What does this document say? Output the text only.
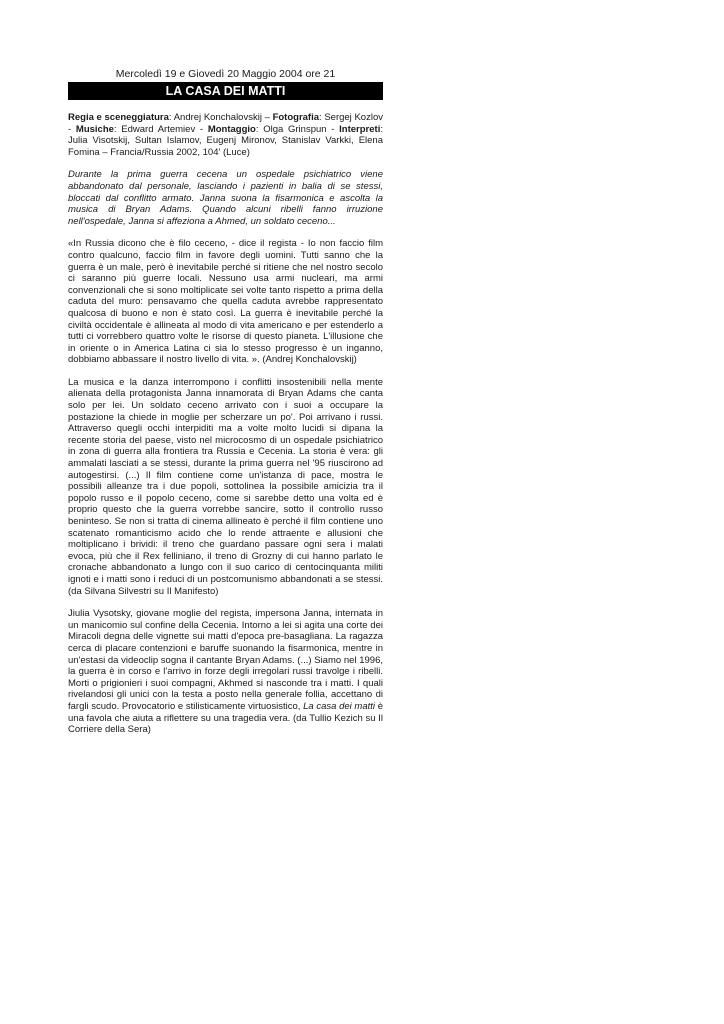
Mercoledì 19 e Giovedì 20 Maggio 2004 ore 21

LA CASA DEI MATTI

Regia e sceneggiatura: Andrej Konchalovskij – Fotografia: Sergej Kozlov - Musiche: Edward Artemiev - Montaggio: Olga Grinspun - Interpreti: Julia Visotskij, Sultan Islamov, Eugenj Mironov, Stanislav Varkki, Elena Fomina – Francia/Russia 2002, 104' (Luce)

Durante la prima guerra cecena un ospedale psichiatrico viene abbandonato dal personale, lasciando i pazienti in balia di se stessi, bloccati dal conflitto armato. Janna suona la fisarmonica e ascolta la musica di Bryan Adams. Quando alcuni ribelli fanno irruzione nell'ospedale, Janna si affeziona a Ahmed, un soldato ceceno...

«In Russia dicono che è filo ceceno, - dice il regista - Io non faccio film contro qualcuno, faccio film in favore degli uomini. Tutti sanno che la guerra è un male, però è inevitabile perché si ritiene che nel nostro secolo ci saranno più guerre locali. Nessuno usa armi nucleari, ma armi convenzionali che si sono moltiplicate sei volte tanto rispetto a prima della caduta del muro: pensavamo che quella caduta avrebbe rappresentato qualcosa di buono e non è stato così. La guerra è inevitabile perché la civiltà occidentale è allineata al modo di vita americano e per estenderlo a tutti ci vorrebbero quattro volte le risorse di questo pianeta. L'illusione che in oriente o in America Latina ci sia lo stesso progresso è un inganno, dobbiamo abbassare il nostro livello di vita. ». (Andrej Konchalovskij)

La musica e la danza interrompono i conflitti insostenibili nella mente alienata della protagonista Janna innamorata di Bryan Adams che canta solo per lei. Un soldato ceceno arrivato con i suoi a occupare la postazione la chiede in moglie per scherzare un po'. Poi arrivano i russi. Attraverso quegli occhi interpiditi ma a volte molto lucidi si dipana la recente storia del paese, visto nel microcosmo di un ospedale psichiatrico in zona di guerra alla frontiera tra Russia e Cecenia. La storia è vera: gli ammalati lasciati a se stessi, durante la prima guerra nel '95 riuscirono ad autogestirsi. (...) Il film contiene come un'istanza di pace, mostra le possibili alleanze tra i due popoli, sottolinea la possibile amicizia tra il popolo russo e il popolo ceceno, come si sarebbe detto una volta ed è proprio questo che la guerra vorrebbe sancire, sotto il controllo russo beninteso. Se non si tratta di cinema allineato è perché il film contiene uno scatenato romanticismo acido che lo rende attraente e allusioni che moltiplicano i brividi: il treno che guardano passare ogni sera i malati evoca, più che il Rex felliniano, il treno di Grozny di cui hanno parlato le cronache abbandonato a lungo con il suo carico di centocinquanta militi ignoti e i matti sono i reduci di un postcomunismo abbandonati a se stessi. (da Silvana Silvestri su Il Manifesto)

Jiulia Vysotsky, giovane moglie del regista, impersona Janna, internata in un manicomio sul confine della Cecenia. Intorno a lei si agita una corte dei Miracoli degna delle vignette sui matti d'epoca pre-basagliana. La ragazza cerca di placare contenzioni e baruffe suonando la fisarmonica, mentre in un'estasi da videoclip sogna il cantante Bryan Adams. (...) Siamo nel 1996, la guerra è in corso e l'arrivo in forze degli irregolari russi travolge i ribelli. Morti o prigionieri i suoi compagni, Akhmed si nasconde tra i matti. I quali rivelandosi gli unici con la testa a posto nella generale follia, accettano di fargli scudo. Provocatorio e stilisticamente virtuosistico, La casa dei matti è una favola che aiuta a riflettere su una tragedia vera. (da Tullio Kezich su Il Corriere della Sera)
